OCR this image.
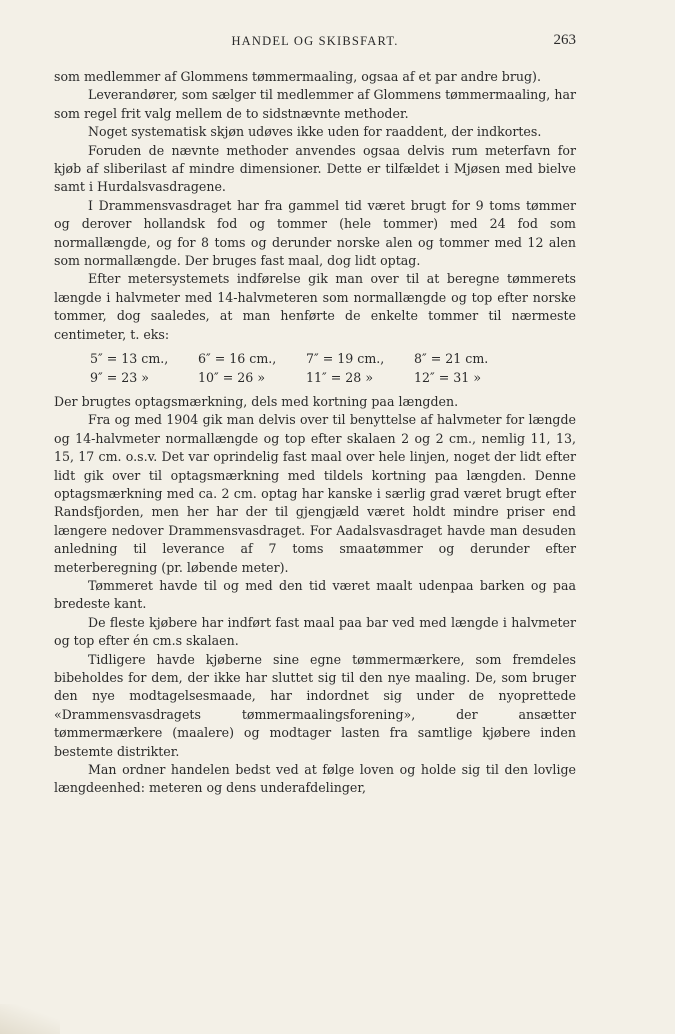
HANDEL OG SKIBSFART.	263

som medlemmer af Glommens tømmermaaling, ogsaa af et par andre brug).

Leverandører, som sælger til medlemmer af Glommens tømmermaaling, har som regel frit valg mellem de to sidstnævnte methoder.

Noget systematisk skjøn udøves ikke uden for raaddent, der indkortes.

Foruden de nævnte methoder anvendes ogsaa delvis rum meterfavn for kjøb af sliberilast af mindre dimensioner. Dette er tilfældet i Mjøsen med bielve samt i Hurdalsvasdragene.

I Drammensvasdraget har fra gammel tid været brugt for 9 toms tømmer og derover hollandsk fod og tommer (hele tommer) med 24 fod som normallængde, og for 8 toms og derunder norske alen og tommer med 12 alen som normallængde. Der bruges fast maal, dog lidt optag.

Efter metersystemets indførelse gik man over til at beregne tømmerets længde i halvmeter med 14-halvmeteren som normallængde og top efter norske tommer, dog saaledes, at man henførte de enkelte tommer til nærmeste centimeter, t. eks:

5″ = 13 cm.,	6″ = 16 cm.,	7″ = 19 cm.,	8″ = 21 cm.
9″ = 23 »	10″ = 26 »	11″ = 28 »	12″ = 31 »

Der brugtes optagsmærkning, dels med kortning paa længden.

Fra og med 1904 gik man delvis over til benyttelse af halvmeter for længde og 14-halvmeter normallængde og top efter skalaen 2 og 2 cm., nemlig 11, 13, 15, 17 cm. o.s.v. Det var oprindelig fast maal over hele linjen, noget der lidt efter lidt gik over til optagsmærkning med tildels kortning paa længden. Denne optagsmærkning med ca. 2 cm. optag har kanske i særlig grad været brugt efter Randsfjorden, men her har der til gjengjæld været holdt mindre priser end længere nedover Drammensvasdraget. For Aadalsvasdraget havde man desuden anledning til leverance af 7 toms smaatømmer og derunder efter meterberegning (pr. løbende meter).

Tømmeret havde til og med den tid været maalt udenpaa barken og paa bredeste kant.

De fleste kjøbere har indført fast maal paa bar ved med længde i halvmeter og top efter én cm.s skalaen.

Tidligere havde kjøberne sine egne tømmermærkere, som fremdeles bibeholdes for dem, der ikke har sluttet sig til den nye maaling. De, som bruger den nye modtagelsesmaade, har indordnet sig under de nyoprettede «Drammensvasdragets tømmermaalingsforening», der ansætter tømmermærkere (maalere) og modtager lasten fra samtlige kjøbere inden bestemte distrikter.

Man ordner handelen bedst ved at følge loven og holde sig til den lovlige længdeenhed: meteren og dens underafdelinger,
